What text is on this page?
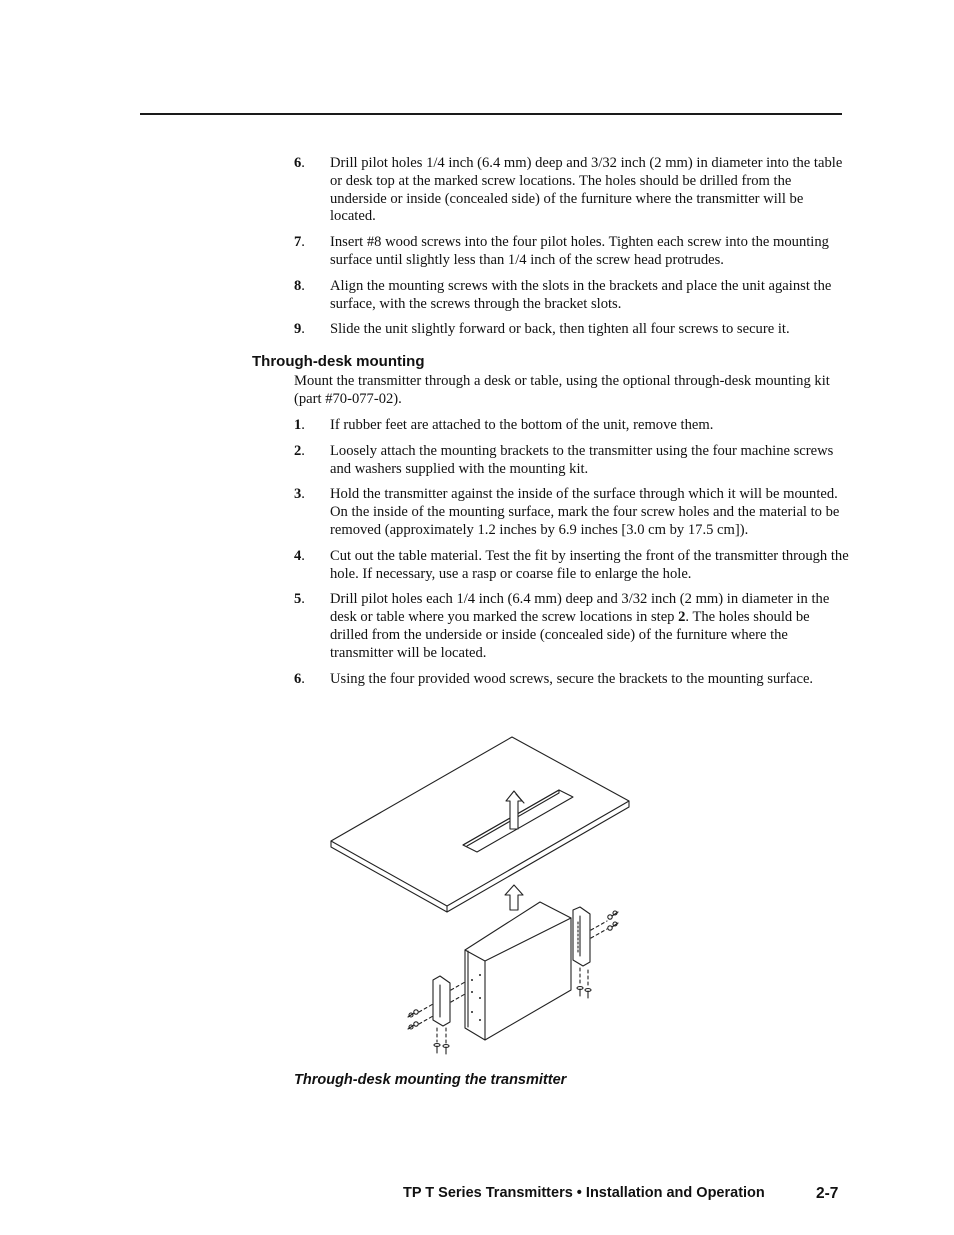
6.	Drill pilot holes 1/4 inch (6.4 mm) deep and 3/32 inch (2 mm) in diameter into the table or desk top at the marked screw locations. The holes should be drilled from the underside or inside (concealed side) of the furniture where the transmitter will be located.
7.	Insert #8 wood screws into the four pilot holes. Tighten each screw into the mounting surface until slightly less than 1/4 inch of the screw head protrudes.
8.	Align the mounting screws with the slots in the brackets and place the unit against the surface, with the screws through the bracket slots.
9.	Slide the unit slightly forward or back, then tighten all four screws to secure it.
Through-desk mounting
Mount the transmitter through a desk or table, using the optional through-desk mounting kit (part #70-077-02).
1.	If rubber feet are attached to the bottom of the unit, remove them.
2.	Loosely attach the mounting brackets to the transmitter using the four machine screws and washers supplied with the mounting kit.
3.	Hold the transmitter against the inside of the surface through which it will be mounted. On the inside of the mounting surface, mark the four screw holes and the material to be removed (approximately 1.2 inches by 6.9 inches [3.0 cm by 17.5 cm]).
4.	Cut out the table material. Test the fit by inserting the front of the transmitter through the hole. If necessary, use a rasp or coarse file to enlarge the hole.
5.	Drill pilot holes each 1/4 inch (6.4 mm) deep and 3/32 inch (2 mm) in diameter in the desk or table where you marked the screw locations in step 2. The holes should be drilled from the underside or inside (concealed side) of the furniture where the transmitter will be located.
6.	Using the four provided wood screws, secure the brackets to the mounting surface.
Through-desk mounting the transmitter
TP T Series Transmitters • Installation and Operation	2-7
